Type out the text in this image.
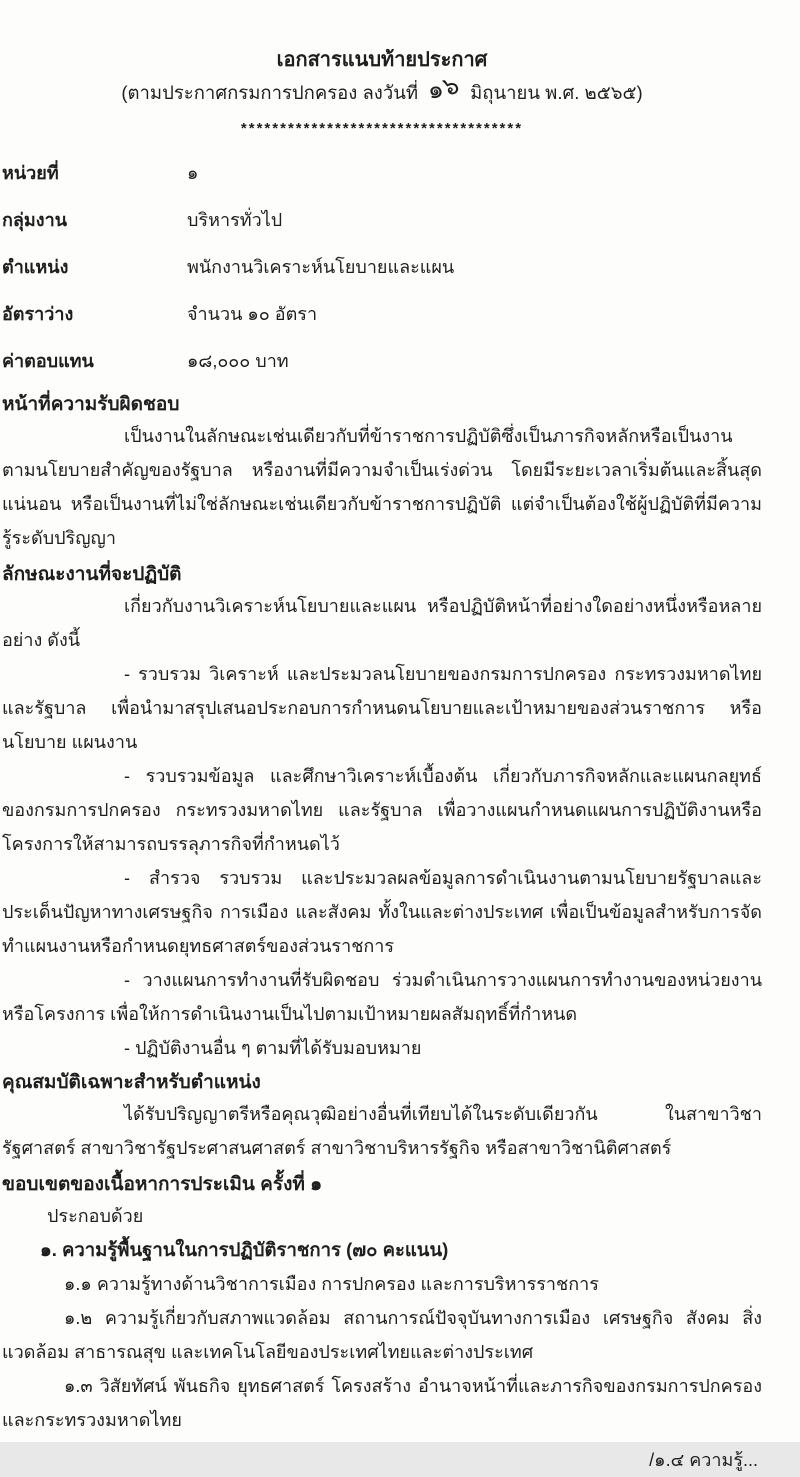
เอกสารแนบท้ายประกาศ
(ตามประกาศกรมการปกครอง ลงวันที่ ๑๖ มิถุนายน พ.ศ. ๒๕๖๕)
************************************
หน่วยที่	๑
กลุ่มงาน	บริหารทั่วไป
ตำแหน่ง	พนักงานวิเคราะห์นโยบายและแผน
อัตราว่าง	จำนวน ๑๐ อัตรา
ค่าตอบแทน	๑๘,๐๐๐ บาท
หน้าที่ความรับผิดชอบ

เป็นงานในลักษณะเช่นเดียวกับที่ข้าราชการปฏิบัติซึ่งเป็นภารกิจหลักหรือเป็นงานตามนโยบายสำคัญของรัฐบาล หรืองานที่มีความจำเป็นเร่งด่วน โดยมีระยะเวลาเริ่มต้นและสิ้นสุดแน่นอน หรือเป็นงานที่ไม่ใช่ลักษณะเช่นเดียวกับข้าราชการปฏิบัติ แต่จำเป็นต้องใช้ผู้ปฏิบัติที่มีความรู้ระดับปริญญา

ลักษณะงานที่จะปฏิบัติ

เกี่ยวกับงานวิเคราะห์นโยบายและแผน หรือปฏิบัติหน้าที่อย่างใดอย่างหนึ่งหรือหลายอย่าง ดังนี้

- รวบรวม วิเคราะห์ และประมวลนโยบายของกรมการปกครอง กระทรวงมหาดไทย และรัฐบาล เพื่อนำมาสรุปเสนอประกอบการกำหนดนโยบายและเป้าหมายของส่วนราชการ หรือนโยบาย แผนงาน

- รวบรวมข้อมูล และศึกษาวิเคราะห์เบื้องต้น เกี่ยวกับภารกิจหลักและแผนกลยุทธ์ของกรมการปกครอง กระทรวงมหาดไทย และรัฐบาล เพื่อวางแผนกำหนดแผนการปฏิบัติงานหรือโครงการให้สามารถบรรลุภารกิจที่กำหนดไว้

- สำรวจ รวบรวม และประมวลผลข้อมูลการดำเนินงานตามนโยบายรัฐบาลและประเด็นปัญหาทางเศรษฐกิจ การเมือง และสังคม ทั้งในและต่างประเทศ เพื่อเป็นข้อมูลสำหรับการจัดทำแผนงานหรือกำหนดยุทธศาสตร์ของส่วนราชการ

- วางแผนการทำงานที่รับผิดชอบ ร่วมดำเนินการวางแผนการทำงานของหน่วยงานหรือโครงการ เพื่อให้การดำเนินงานเป็นไปตามเป้าหมายผลสัมฤทธิ์ที่กำหนด

- ปฏิบัติงานอื่น ๆ ตามที่ได้รับมอบหมาย

คุณสมบัติเฉพาะสำหรับตำแหน่ง

ได้รับปริญญาตรีหรือคุณวุฒิอย่างอื่นที่เทียบได้ในระดับเดียวกัน ในสาขาวิชารัฐศาสตร์ สาขาวิชารัฐประศาสนศาสตร์ สาขาวิชาบริหารรัฐกิจ หรือสาขาวิชานิติศาสตร์

ขอบเขตของเนื้อหาการประเมิน ครั้งที่ ๑

ประกอบด้วย

๑. ความรู้พื้นฐานในการปฏิบัติราชการ (๗๐ คะแนน)

๑.๑ ความรู้ทางด้านวิชาการเมือง การปกครอง และการบริหารราชการ

๑.๒ ความรู้เกี่ยวกับสภาพแวดล้อม สถานการณ์ปัจจุบันทางการเมือง เศรษฐกิจ สังคม สิ่งแวดล้อม สาธารณสุข และเทคโนโลยีของประเทศไทยและต่างประเทศ

๑.๓ วิสัยทัศน์ พันธกิจ ยุทธศาสตร์ โครงสร้าง อำนาจหน้าที่และภารกิจของกรมการปกครองและกระทรวงมหาดไทย

/๑.๔ ความรู้...
